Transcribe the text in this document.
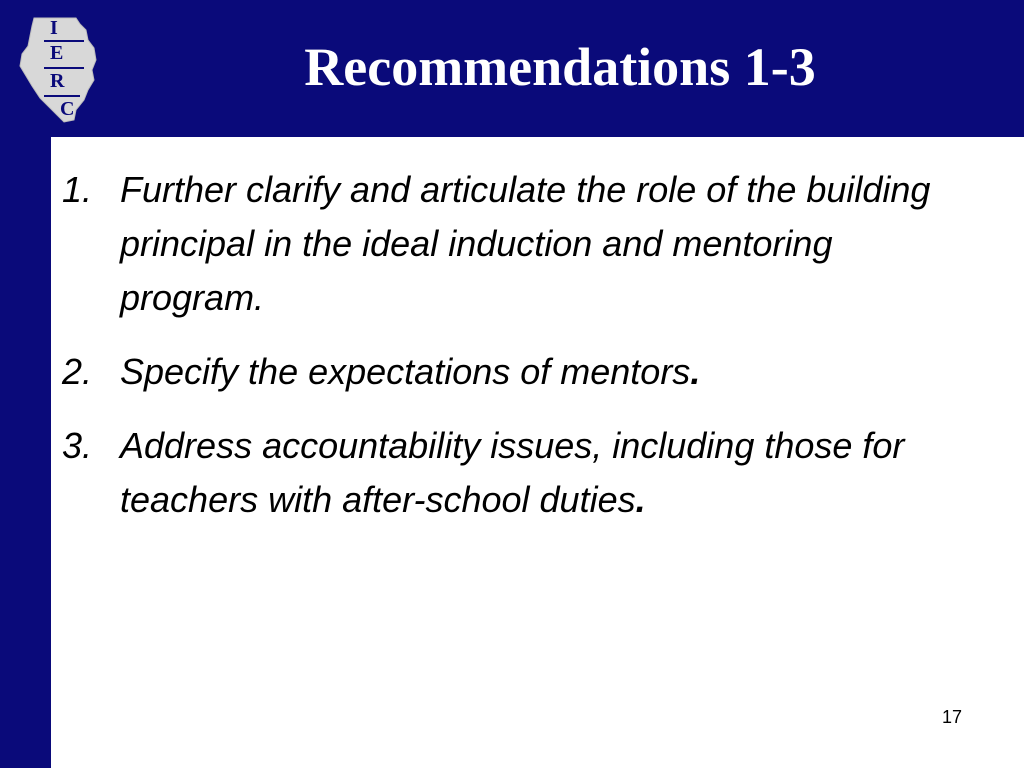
I
E
R
C
Recommendations 1-3
1. Further clarify and articulate the role of the building principal in the ideal induction and mentoring program.
2. Specify the expectations of mentors.
3. Address accountability issues, including those for teachers with after-school duties.
17
